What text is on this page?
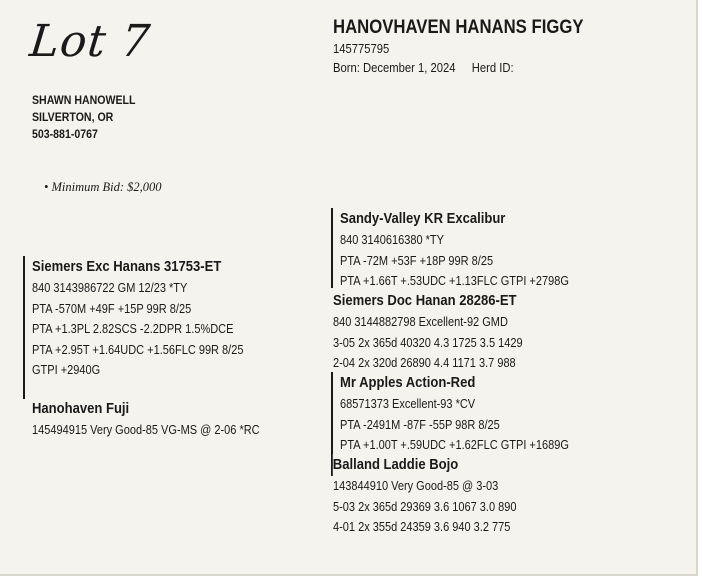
Lot 7
SHAWN HANOWELL
SILVERTON, OR
503-881-0767
• Minimum Bid: $2,000
HANOVHAVEN HANANS FIGGY
145775795
Born: December 1, 2024 Herd ID:
Siemers Exc Hanans 31753-ET
840 3143986722 GM 12/23 *TY
PTA -570M +49F +15P 99R 8/25
PTA +1.3PL 2.82SCS -2.2DPR 1.5%DCE
PTA +2.95T +1.64UDC +1.56FLC 99R 8/25
GTPI +2940G
Hanohaven Fuji
145494915 Very Good-85 VG-MS @ 2-06 *RC
Sandy-Valley KR Excalibur
840 3140616380 *TY
PTA -72M +53F +18P 99R 8/25
PTA +1.66T +.53UDC +1.13FLC GTPI +2798G
Siemers Doc Hanan 28286-ET
840 3144882798 Excellent-92 GMD
3-05 2x 365d 40320 4.3 1725 3.5 1429
2-04 2x 320d 26890 4.4 1171 3.7 988
Mr Apples Action-Red
68571373 Excellent-93 *CV
PTA -2491M -87F -55P 98R 8/25
PTA +1.00T +.59UDC +1.62FLC GTPI +1689G
Balland Laddie Bojo
143844910 Very Good-85 @ 3-03
5-03 2x 365d 29369 3.6 1067 3.0 890
4-01 2x 355d 24359 3.6 940 3.2 775
